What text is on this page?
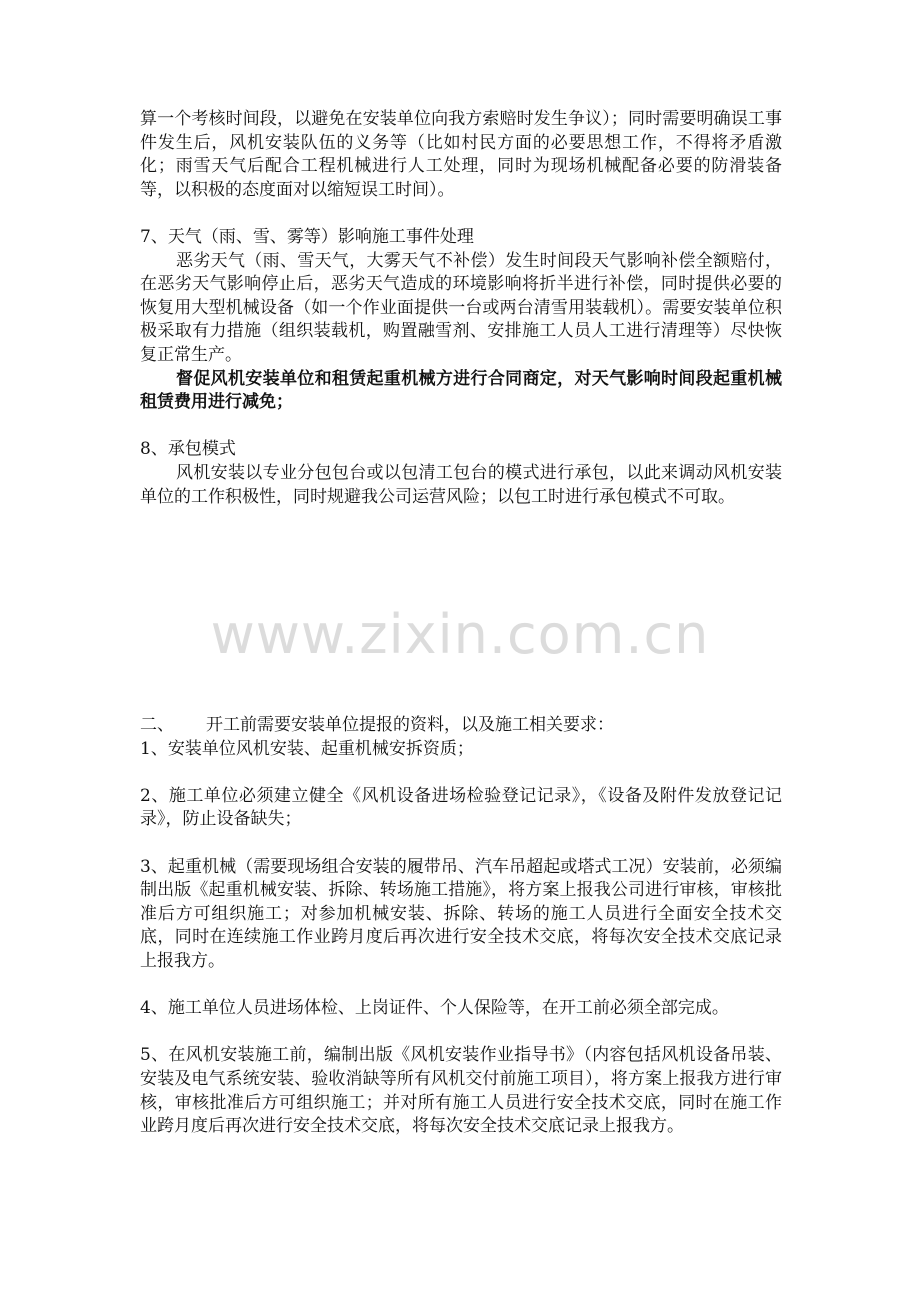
算一个考核时间段，以避免在安装单位向我方索赔时发生争议）；同时需要明确误工事件发生后，风机安装队伍的义务等（比如村民方面的必要思想工作，不得将矛盾激化；雨雪天气后配合工程机械进行人工处理，同时为现场机械配备必要的防滑装备等，以积极的态度面对以缩短误工时间）。

7、天气（雨、雪、雾等）影响施工事件处理

恶劣天气（雨、雪天气，大雾天气不补偿）发生时间段天气影响补偿全额赔付，在恶劣天气影响停止后，恶劣天气造成的环境影响将折半进行补偿，同时提供必要的恢复用大型机械设备（如一个作业面提供一台或两台清雪用装载机）。需要安装单位积极采取有力措施（组织装载机，购置融雪剂、安排施工人员人工进行清理等）尽快恢复正常生产。

督促风机安装单位和租赁起重机械方进行合同商定，对天气影响时间段起重机械租赁费用进行减免；

8、承包模式

风机安装以专业分包包台或以包清工包台的模式进行承包，以此来调动风机安装单位的工作积极性，同时规避我公司运营风险；以包工时进行承包模式不可取。

www.zixin.com.cn

二、 开工前需要安装单位提报的资料，以及施工相关要求：

1、安装单位风机安装、起重机械安拆资质；

2、施工单位必须建立健全《风机设备进场检验登记记录》，《设备及附件发放登记记录》，防止设备缺失；

3、起重机械（需要现场组合安装的履带吊、汽车吊超起或塔式工况）安装前，必须编制出版《起重机械安装、拆除、转场施工措施》，将方案上报我公司进行审核，审核批准后方可组织施工；对参加机械安装、拆除、转场的施工人员进行全面安全技术交底，同时在连续施工作业跨月度后再次进行安全技术交底，将每次安全技术交底记录上报我方。

4、施工单位人员进场体检、上岗证件、个人保险等，在开工前必须全部完成。

5、在风机安装施工前，编制出版《风机安装作业指导书》（内容包括风机设备吊装、安装及电气系统安装、验收消缺等所有风机交付前施工项目），将方案上报我方进行审核，审核批准后方可组织施工；并对所有施工人员进行安全技术交底，同时在施工作业跨月度后再次进行安全技术交底，将每次安全技术交底记录上报我方。
